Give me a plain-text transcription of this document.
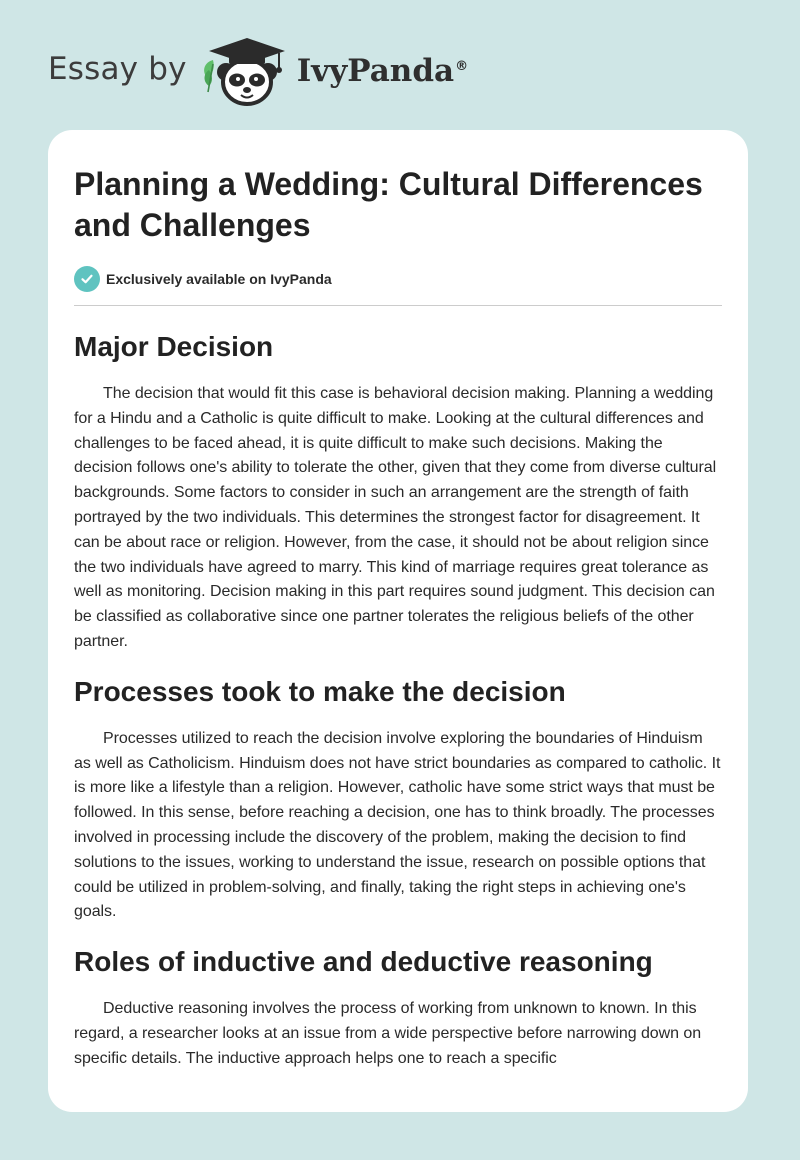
Essay by	IvyPanda®
Planning a Wedding: Cultural Differences and Challenges
Exclusively available on IvyPanda
Major Decision

The decision that would fit this case is behavioral decision making. Planning a wedding for a Hindu and a Catholic is quite difficult to make. Looking at the cultural differences and challenges to be faced ahead, it is quite difficult to make such decisions. Making the decision follows one's ability to tolerate the other, given that they come from diverse cultural backgrounds. Some factors to consider in such an arrangement are the strength of faith portrayed by the two individuals. This determines the strongest factor for disagreement. It can be about race or religion. However, from the case, it should not be about religion since the two individuals have agreed to marry. This kind of marriage requires great tolerance as well as monitoring. Decision making in this part requires sound judgment. This decision can be classified as collaborative since one partner tolerates the religious beliefs of the other partner.

Processes took to make the decision

Processes utilized to reach the decision involve exploring the boundaries of Hinduism as well as Catholicism. Hinduism does not have strict boundaries as compared to catholic. It is more like a lifestyle than a religion. However, catholic have some strict ways that must be followed. In this sense, before reaching a decision, one has to think broadly. The processes involved in processing include the discovery of the problem, making the decision to find solutions to the issues, working to understand the issue, research on possible options that could be utilized in problem-solving, and finally, taking the right steps in achieving one's goals.

Roles of inductive and deductive reasoning

Deductive reasoning involves the process of working from unknown to known. In this regard, a researcher looks at an issue from a wide perspective before narrowing down on specific details. The inductive approach helps one to reach a specific
